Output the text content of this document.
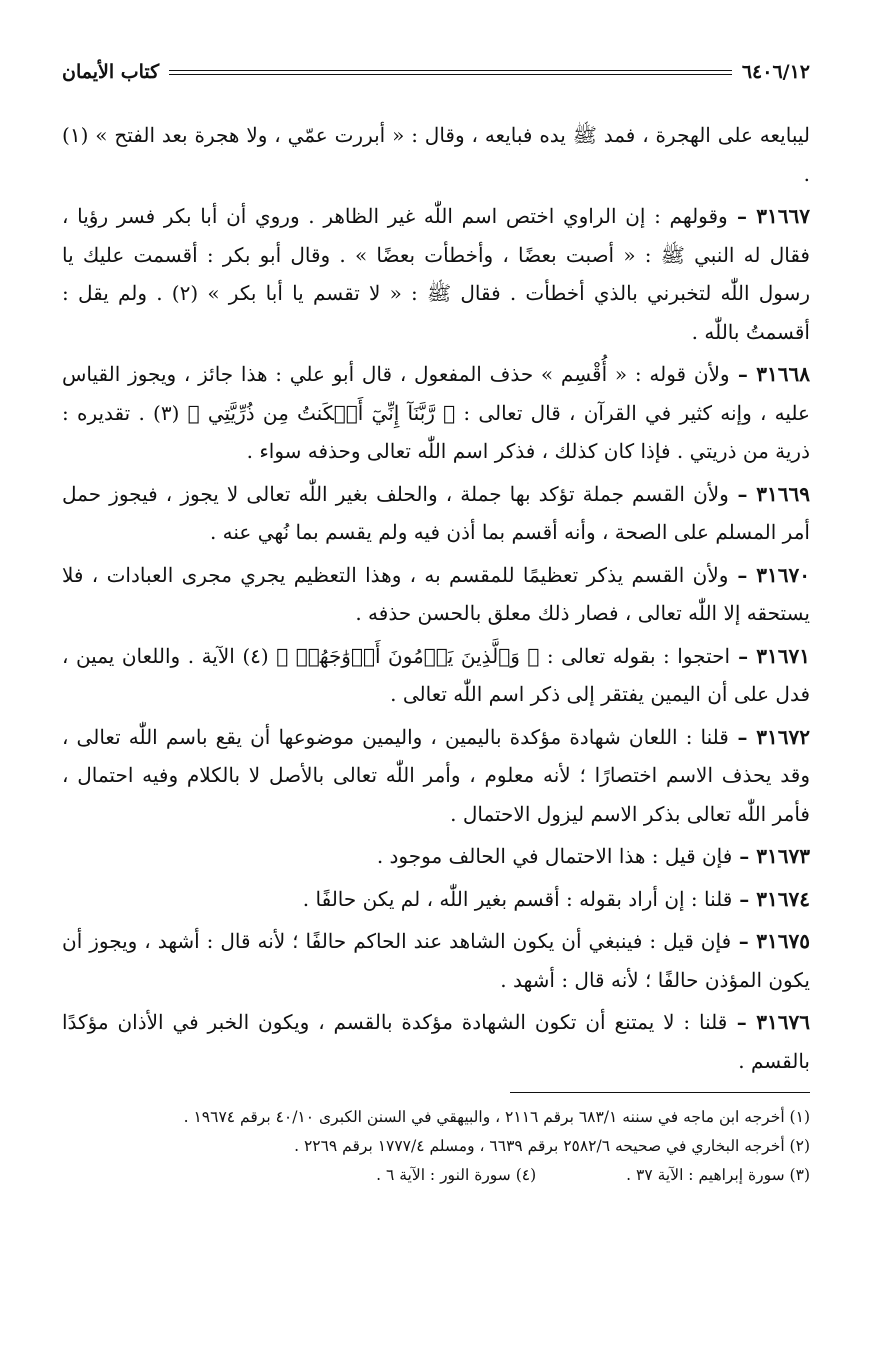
٦٤٠٦/١٢
كتاب الأيمان

ليبايعه على الهجرة ، فمد ﷺ يده فبايعه ، وقال : « أبررت عمّي ، ولا هجرة بعد الفتح » (١) .

٣١٦٦٧ – وقولهم : إن الراوي اختص اسم اللّٰه غير الظاهر . وروي أن أبا بكر فسر رؤيا ، فقال له النبي ﷺ : « أصبت بعضًا ، وأخطأت بعضًا » . وقال أبو بكر : أقسمت عليك يا رسول اللّٰه لتخبرني بالذي أخطأت . فقال ﷺ : « لا تقسم يا أبا بكر » (٢) . ولم يقل : أقسمتُ باللّٰه .

٣١٦٦٨ – ولأن قوله : « أُقْسِم » حذف المفعول ، قال أبو علي : هذا جائز ، ويجوز القياس عليه ، وإنه كثير في القرآن ، قال تعالى : ﴿ رَّبَّنَآ إِنِّيٓ أَسۡكَنتُ مِن ذُرِّيَّتِي ﴾ (٣) . تقديره : ذرية من ذريتي . فإذا كان كذلك ، فذكر اسم اللّٰه تعالى وحذفه سواء .

٣١٦٦٩ – ولأن القسم جملة تؤكد بها جملة ، والحلف بغير اللّٰه تعالى لا يجوز ، فيجوز حمل أمر المسلم على الصحة ، وأنه أقسم بما أذن فيه ولم يقسم بما نُهي عنه .

٣١٦٧٠ – ولأن القسم يذكر تعظيمًا للمقسم به ، وهذا التعظيم يجري مجرى العبادات ، فلا يستحقه إلا اللّٰه تعالى ، فصار ذلك معلق بالحسن حذفه .

٣١٦٧١ – احتجوا : بقوله تعالى : ﴿ وَٱلَّذِينَ يَرۡمُونَ أَزۡوَٰجَهُمۡ ﴾ (٤) الآية . واللعان يمين ، فدل على أن اليمين يفتقر إلى ذكر اسم اللّٰه تعالى .

٣١٦٧٢ – قلنا : اللعان شهادة مؤكدة باليمين ، واليمين موضوعها أن يقع باسم اللّٰه تعالى ، وقد يحذف الاسم اختصارًا ؛ لأنه معلوم ، وأمر اللّٰه تعالى بالأصل لا بالكلام وفيه احتمال ، فأمر اللّٰه تعالى بذكر الاسم ليزول الاحتمال .

٣١٦٧٣ – فإن قيل : هذا الاحتمال في الحالف موجود .

٣١٦٧٤ – قلنا : إن أراد بقوله : أقسم بغير اللّٰه ، لم يكن حالفًا .

٣١٦٧٥ – فإن قيل : فينبغي أن يكون الشاهد عند الحاكم حالفًا ؛ لأنه قال : أشهد ، ويجوز أن يكون المؤذن حالفًا ؛ لأنه قال : أشهد .

٣١٦٧٦ – قلنا : لا يمتنع أن تكون الشهادة مؤكدة بالقسم ، ويكون الخبر في الأذان مؤكدًا بالقسم .

(١) أخرجه ابن ماجه في سننه ٦٨٣/١ برقم ٢١١٦ ، والبيهقي في السنن الكبرى ٤٠/١٠ برقم ١٩٦٧٤ .

(٢) أخرجه البخاري في صحيحه ٢٥٨٢/٦ برقم ٦٦٣٩ ، ومسلم ١٧٧٧/٤ برقم ٢٢٦٩ .

(٣) سورة إبراهيم : الآية ٣٧ .
(٤) سورة النور : الآية ٦ .
